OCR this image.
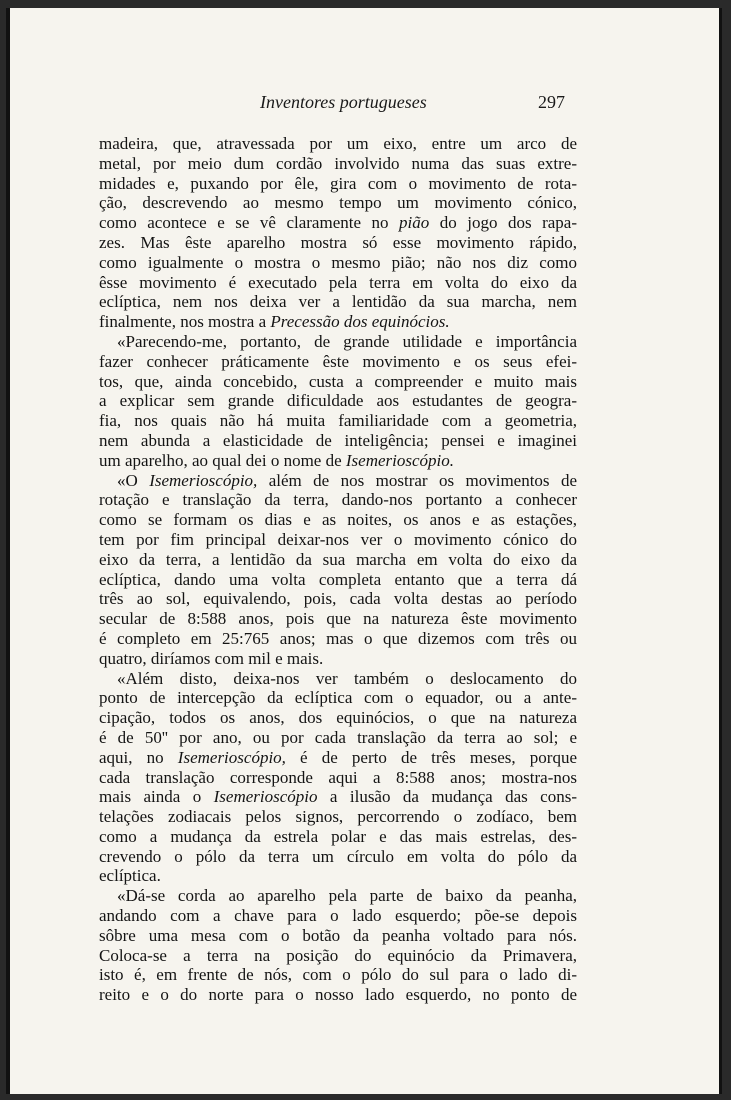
Inventores portugueses	297
madeira, que, atravessada por um eixo, entre um arco de
metal, por meio dum cordão involvido numa das suas extre-
midades e, puxando por êle, gira com o movimento de rota-
ção, descrevendo ao mesmo tempo um movimento cónico,
como acontece e se vê claramente no pião do jogo dos rapa-
zes. Mas êste aparelho mostra só esse movimento rápido,
como igualmente o mostra o mesmo pião; não nos diz como
êsse movimento é executado pela terra em volta do eixo da
eclíptica, nem nos deixa ver a lentidão da sua marcha, nem
finalmente, nos mostra a Precessão dos equinócios.
«Parecendo-me, portanto, de grande utilidade e importância
fazer conhecer práticamente êste movimento e os seus efei-
tos, que, ainda concebido, custa a compreender e muito mais
a explicar sem grande dificuldade aos estudantes de geogra-
fia, nos quais não há muita familiaridade com a geometria,
nem abunda a elasticidade de inteligência; pensei e imaginei
um aparelho, ao qual dei o nome de Isemerioscópio.
«O Isemerioscópio, além de nos mostrar os movimentos de
rotação e translação da terra, dando-nos portanto a conhecer
como se formam os dias e as noites, os anos e as estações,
tem por fim principal deixar-nos ver o movimento cónico do
eixo da terra, a lentidão da sua marcha em volta do eixo da
eclíptica, dando uma volta completa entanto que a terra dá
três ao sol, equivalendo, pois, cada volta destas ao período
secular de 8:588 anos, pois que na natureza êste movimento
é completo em 25:765 anos; mas o que dizemos com três ou
quatro, diríamos com mil e mais.
«Além disto, deixa-nos ver também o deslocamento do
ponto de intercepção da eclíptica com o equador, ou a ante-
cipação, todos os anos, dos equinócios, o que na natureza
é de 50'' por ano, ou por cada translação da terra ao sol; e
aqui, no Isemerioscópio, é de perto de três meses, porque
cada translação corresponde aqui a 8:588 anos; mostra-nos
mais ainda o Isemerioscópio a ilusão da mudança das cons-
telações zodiacais pelos signos, percorrendo o zodíaco, bem
como a mudança da estrela polar e das mais estrelas, des-
crevendo o pólo da terra um círculo em volta do pólo da
eclíptica.
«Dá-se corda ao aparelho pela parte de baixo da peanha,
andando com a chave para o lado esquerdo; põe-se depois
sôbre uma mesa com o botão da peanha voltado para nós.
Coloca-se a terra na posição do equinócio da Primavera,
isto é, em frente de nós, com o pólo do sul para o lado di-
reito e o do norte para o nosso lado esquerdo, no ponto de
